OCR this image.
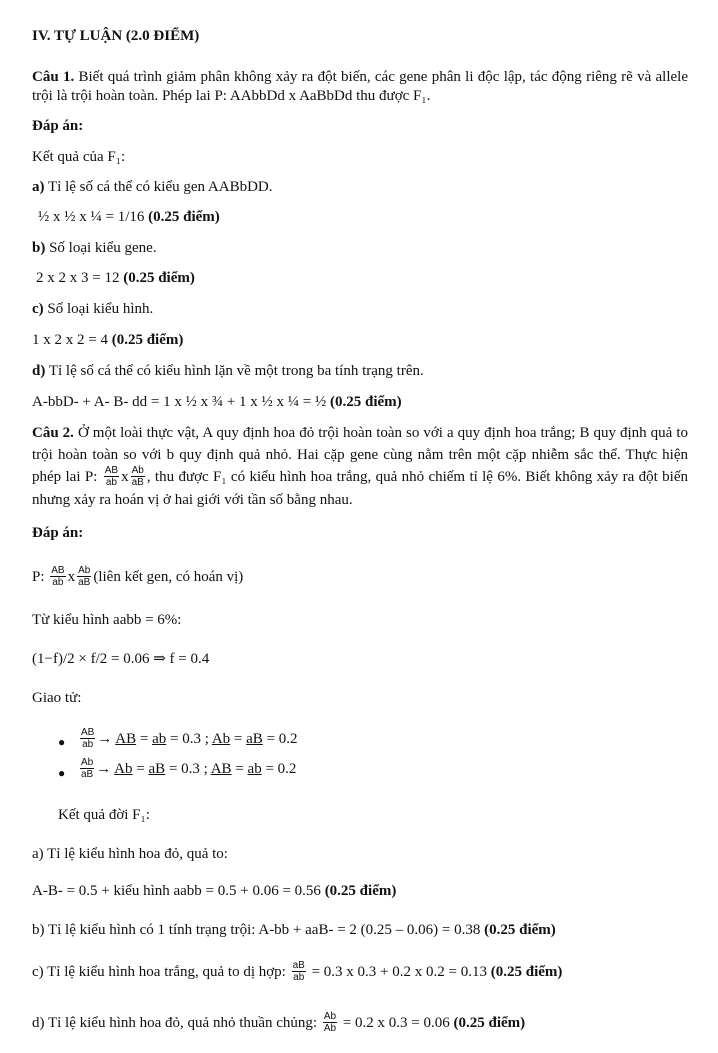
IV. TỰ LUẬN (2.0 ĐIỂM)
Câu 1. Biết quá trình giảm phân không xảy ra đột biến, các gene phân li độc lập, tác động riêng rẽ và allele trội là trội hoàn toàn. Phép lai P: AAbbDd x AaBbDd thu được F₁.
Đáp án:
Kết quả của F₁:
a) Tỉ lệ số cá thể có kiểu gen AABbDD.
½ x ½ x ¼ = 1/16 (0.25 điểm)
b) Số loại kiểu gene.
2 x 2 x 3 = 12 (0.25 điểm)
c) Số loại kiểu hình.
1 x 2 x 2 = 4 (0.25 điểm)
d) Tỉ lệ số cá thể có kiểu hình lặn về một trong ba tính trạng trên.
A-bbD- + A- B- dd = 1 x ½ x ¾ + 1 x ½ x ¼ = ½ (0.25 điểm)
Câu 2. Ở một loài thực vật, A quy định hoa đỏ trội hoàn toàn so với a quy định hoa trắng; B quy định quả to trội hoàn toàn so với b quy định quả nhỏ. Hai cặp gene cùng nằm trên một cặp nhiễm sắc thể. Thực hiện phép lai P: $\frac{AB}{ab}$ x $\frac{Ab}{aB}$ , thu được F₁ có kiểu hình hoa trắng, quả nhỏ chiếm tỉ lệ 6%. Biết không xảy ra đột biến nhưng xảy ra hoán vị ở hai giới với tần số bằng nhau.
Đáp án:
P: $\frac{AB}{ab}$ x $\frac{Ab}{aB}$ (liên kết gen, có hoán vị)
Từ kiểu hình aabb = 6%:
(1−f)/2 × f/2 = 0.06 ⇒ f = 0.4
Giao tử:
● $\frac{AB}{ab}$ → AB = ab = 0.3 ; Ab = aB = 0.2
● $\frac{Ab}{aB} \to Ab$ = aB = 0.3 ; AB = ab = 0.2
Kết quả đời F₁:
a) Tỉ lệ kiểu hình hoa đỏ, quả to:
A-B- = 0.5 + kiểu hình aabb = 0.5 + 0.06 = 0.56 (0.25 điểm)
b) Tỉ lệ kiểu hình có 1 tính trạng trội: A-bb + aaB- = 2 (0.25 – 0.06) = 0.38 (0.25 điểm)
c) Tỉ lệ kiểu hình hoa trắng, quả to dị hợp: $\frac{aB}{ab} = 0.3$ x 0.3 + 0.2 x 0.2 = 0.13 (0.25 điểm)
d) Tỉ lệ kiểu hình hoa đỏ, quả nhỏ thuần chủng: $\frac{Ab}{Ab} = 0.2$ x 0.3 = 0.06 (0.25 điểm)
